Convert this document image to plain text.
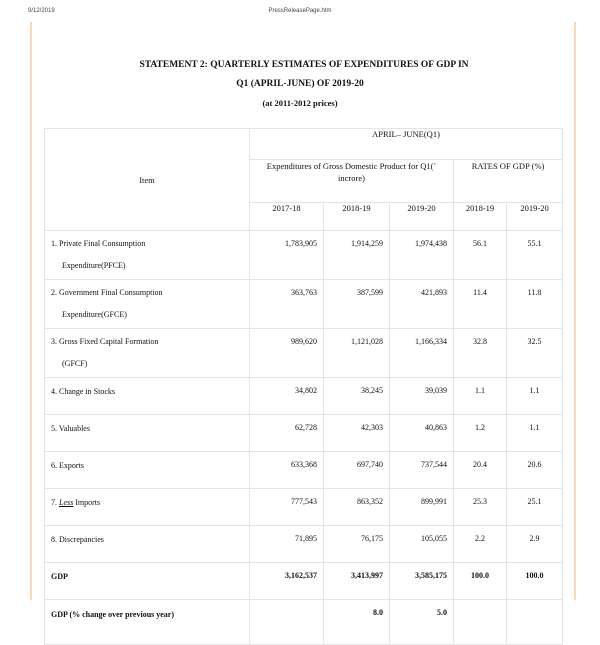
9/12/2019	PressReleasePage.htm
STATEMENT 2: QUARTERLY ESTIMATES OF EXPENDITURES OF GDP IN
Q1 (APRIL-JUNE) OF 2019-20
(at 2011-2012 prices)
Item	APRIL– JUNE(Q1)				
	Expenditures of Gross Domestic Product for Q1(` incrore)			RATES OF GDP (%)	
	2017-18	2018-19	2019-20	2018-19	2019-20
1. Private Final Consumption
Expenditure(PFCE)	1,783,905	1,914,259	1,974,438	56.1	55.1
2. Government Final Consumption
Expenditure(GFCE)	363,763	387,599	421,893	11.4	11.8
3. Gross Fixed Capital Formation
(GFCF)	989,620	1,121,028	1,166,334	32.8	32.5
4. Change in Stocks	34,802	38,245	39,039	1.1	1.1
5. Valuables	62,728	42,303	40,863	1.2	1.1
6. Exports	633,368	697,740	737,544	20.4	20.6
7. Less Imports	777,543	863,352	899,991	25.3	25.1
8. Discrepancies	71,895	76,175	105,055	2.2	2.9
GDP	3,162,537	3,413,997	3,585,175	100.0	100.0
GDP (% change over previous year)		8.0	5.0		
